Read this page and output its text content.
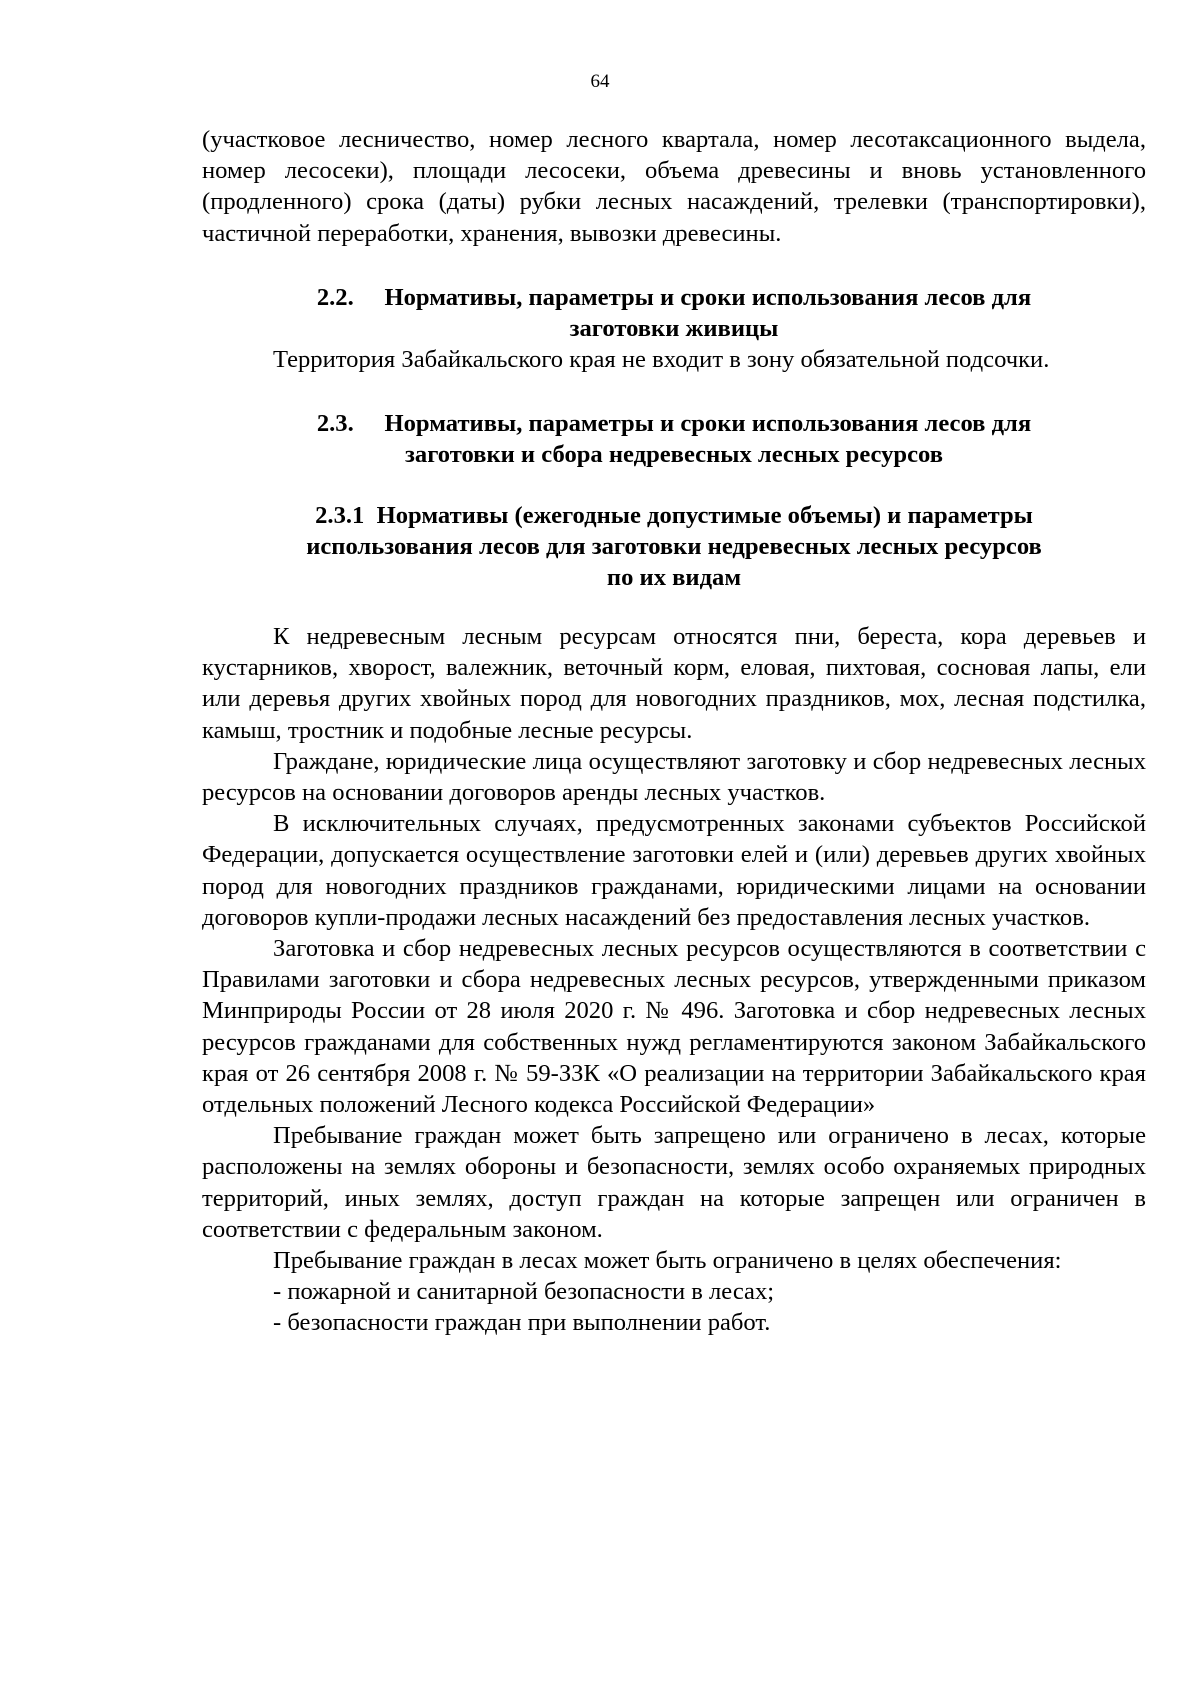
64

(участковое лесничество, номер лесного квартала, номер лесотаксационного выдела, номер лесосеки), площади лесосеки, объема древесины и вновь установленного (продленного) срока (даты) рубки лесных насаждений, трелевки (транспортировки), частичной переработки, хранения, вывозки древесины.

2.2. Нормативы, параметры и сроки использования лесов для
заготовки живицы

Территория Забайкальского края не входит в зону обязательной подсочки.

2.3. Нормативы, параметры и сроки использования лесов для
заготовки и сбора недревесных лесных ресурсов
2.3.1 Нормативы (ежегодные допустимые объемы) и параметры
использования лесов для заготовки недревесных лесных ресурсов
по их видам

К недревесным лесным ресурсам относятся пни, береста, кора деревьев и кустарников, хворост, валежник, веточный корм, еловая, пихтовая, сосновая лапы, ели или деревья других хвойных пород для новогодних праздников, мох, лесная подстилка, камыш, тростник и подобные лесные ресурсы.

Граждане, юридические лица осуществляют заготовку и сбор недревесных лесных ресурсов на основании договоров аренды лесных участков.

В исключительных случаях, предусмотренных законами субъектов Российской Федерации, допускается осуществление заготовки елей и (или) деревьев других хвойных пород для новогодних праздников гражданами, юридическими лицами на основании договоров купли-продажи лесных насаждений без предоставления лесных участков.

Заготовка и сбор недревесных лесных ресурсов осуществляются в соответствии с Правилами заготовки и сбора недревесных лесных ресурсов, утвержденными приказом Минприроды России от 28 июля 2020 г. № 496. Заготовка и сбор недревесных лесных ресурсов гражданами для собственных нужд регламентируются законом Забайкальского края от 26 сентября 2008 г. № 59-ЗЗК «О реализации на территории Забайкальского края отдельных положений Лесного кодекса Российской Федерации»

Пребывание граждан может быть запрещено или ограничено в лесах, которые расположены на землях обороны и безопасности, землях особо охраняемых природных территорий, иных землях, доступ граждан на которые запрещен или ограничен в соответствии с федеральным законом.

Пребывание граждан в лесах может быть ограничено в целях обеспечения:

- пожарной и санитарной безопасности в лесах;

- безопасности граждан при выполнении работ.
